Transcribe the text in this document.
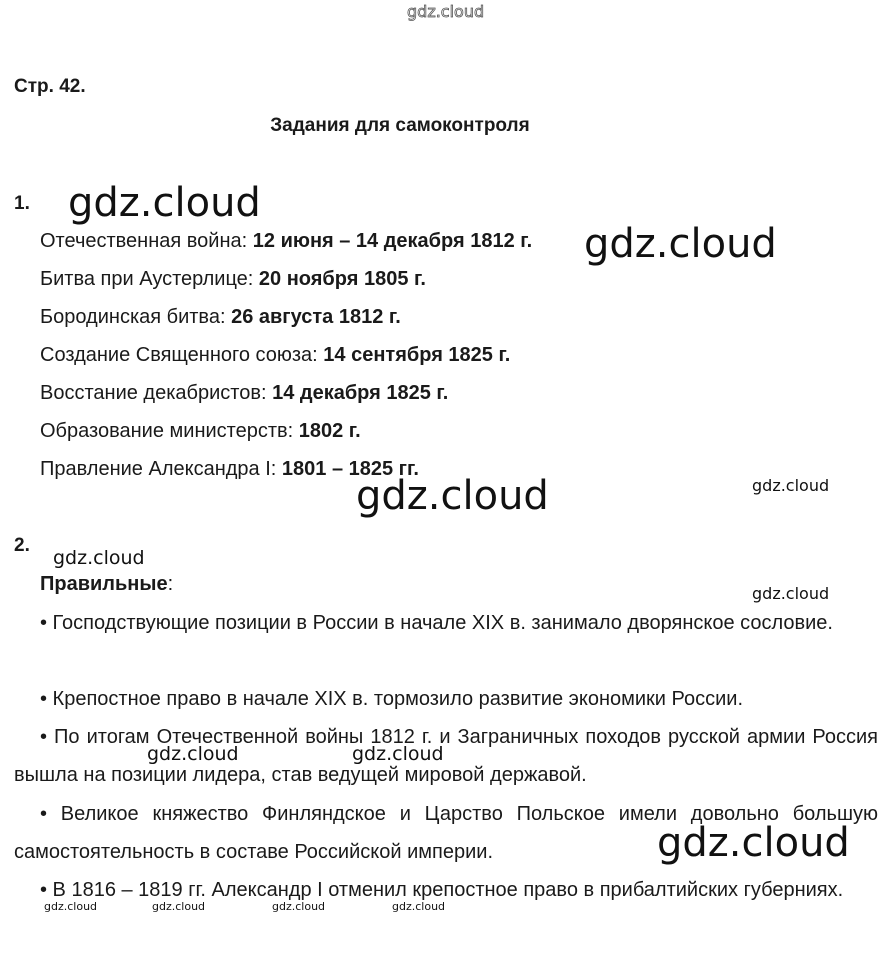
gdz.cloud
Стр. 42.
Задания для самоконтроля
1.
Отечественная война: 12 июня – 14 декабря 1812 г.
Битва при Аустерлице: 20 ноября 1805 г.
Бородинская битва: 26 августа 1812 г.
Создание Священного союза: 14 сентября 1825 г.
Восстание декабристов: 14 декабря 1825 г.
Образование министерств: 1802 г.
Правление Александра I: 1801 – 1825 гг.
2.
Правильные:
• Господствующие позиции в России в начале XIX в. занимало дворянское сословие.
• Крепостное право в начале XIX в. тормозило развитие экономики России.
• По итогам Отечественной войны 1812 г. и Заграничных походов русской армии Россия вышла на позиции лидера, став ведущей мировой державой.
• Великое княжество Финляндское и Царство Польское имели довольно большую самостоятельность в составе Российской империи.
• В 1816 – 1819 гг. Александр I отменил крепостное право в прибалтийских губерниях.
gdz.cloud
gdz.cloud
gdz.cloud	gdz.cloud
gdz.cloud
gdz.cloud
gdz.cloud	gdz.cloud
gdz.cloud
gdz.cloud	gdz.cloud	gdz.cloud	gdz.cloud
